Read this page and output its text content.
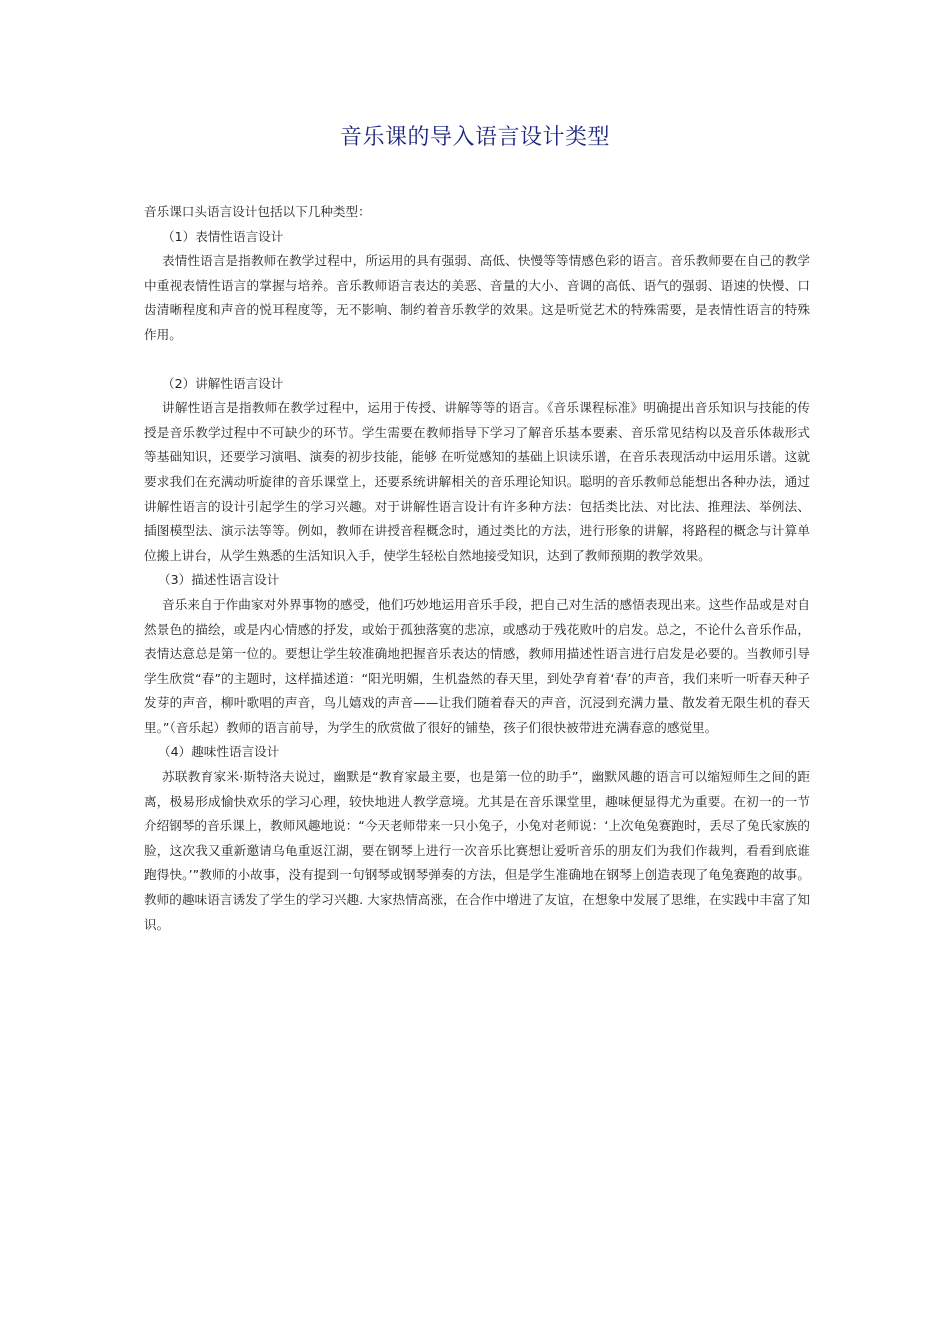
音乐课的导入语言设计类型

音乐课口头语言设计包括以下几种类型：

（1）表情性语言设计

表情性语言是指教师在教学过程中，所运用的具有强弱、高低、快慢等等情感色彩的语言。音乐教师要在自己的教学中重视表情性语言的掌握与培养。音乐教师语言表达的美恶、音量的大小、音调的高低、语气的强弱、语速的快慢、口齿清晰程度和声音的悦耳程度等，无不影响、制约着音乐教学的效果。这是听觉艺术的特殊需要，是表情性语言的特殊作用。

（2）讲解性语言设计

讲解性语言是指教师在教学过程中，运用于传授、讲解等等的语言。《音乐课程标准》明确提出音乐知识与技能的传授是音乐教学过程中不可缺少的环节。学生需要在教师指导下学习了解音乐基本要素、音乐常见结构以及音乐体裁形式等基础知识，还要学习演唱、演奏的初步技能，能够 在听觉感知的基础上识读乐谱，在音乐表现活动中运用乐谱。这就要求我们在充满动听旋律的音乐课堂上，还要系统讲解相关的音乐理论知识。聪明的音乐教师总能想出各种办法，通过讲解性语言的设计引起学生的学习兴趣。对于讲解性语言设计有许多种方法：包括类比法、对比法、推理法、举例法、插图模型法、演示法等等。例如，教师在讲授音程概念时，通过类比的方法，进行形象的讲解，将路程的概念与计算单位搬上讲台，从学生熟悉的生活知识入手，使学生轻松自然地接受知识，达到了教师预期的教学效果。

（3）描述性语言设计

音乐来自于作曲家对外界事物的感受，他们巧妙地运用音乐手段，把自己对生活的感悟表现出来。这些作品或是对自然景色的描绘，或是内心情感的抒发，或始于孤独落寞的悲凉，或感动于残花败叶的启发。总之，不论什么音乐作品，表情达意总是第一位的。要想让学生较准确地把握音乐表达的情感，教师用描述性语言进行启发是必要的。当教师引导学生欣赏“春”的主题时，这样描述道：“阳光明媚，生机盎然的春天里，到处孕育着‘春’的声音，我们来听一听春天种子发芽的声音，柳叶歌唱的声音，鸟儿嬉戏的声音——让我们随着春天的声音，沉浸到充满力量、散发着无限生机的春天里。”（音乐起）教师的语言前导，为学生的欣赏做了很好的铺垫，孩子们很快被带进充满春意的感觉里。

（4）趣味性语言设计

苏联教育家米·斯特洛夫说过，幽默是“教育家最主要，也是第一位的助手”，幽默风趣的语言可以缩短师生之间的距离，极易形成愉快欢乐的学习心理，较快地进人教学意境。尤其是在音乐课堂里，趣味便显得尤为重要。在初一的一节介绍钢琴的音乐课上，教师风趣地说：“今天老师带来一只小兔子，小兔对老师说：‘上次龟兔赛跑时，丢尽了兔氏家族的脸，这次我又重新邀请乌龟重返江湖，要在钢琴上进行一次音乐比赛想让爱听音乐的朋友们为我们作裁判，看看到底谁跑得快。’”教师的小故事，没有提到一句钢琴或钢琴弹奏的方法，但是学生准确地在钢琴上创造表现了龟兔赛跑的故事。教师的趣味语言诱发了学生的学习兴趣. 大家热情高涨，在合作中增进了友谊，在想象中发展了思维，在实践中丰富了知识。
